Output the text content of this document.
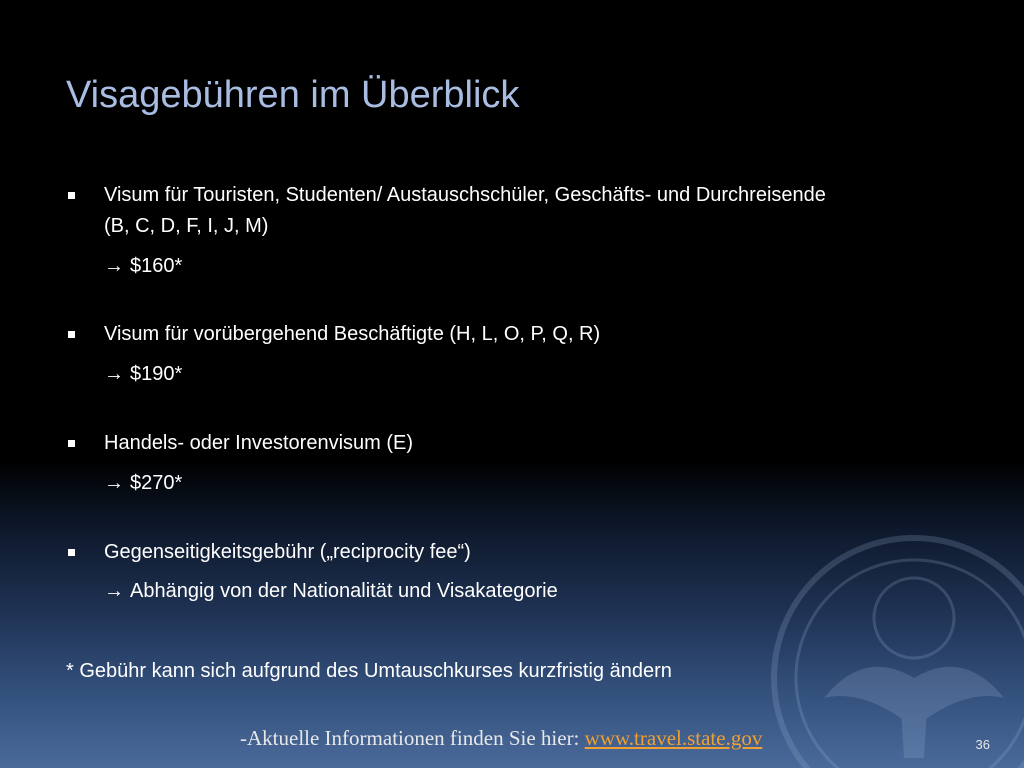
Visagebühren im Überblick
Visum für Touristen, Studenten/ Austauschschüler, Geschäfts- und Durchreisende (B, C, D, F, I, J, M)
→ $160*
Visum für vorübergehend Beschäftigte (H, L, O, P, Q, R)
→ $190*
Handels- oder Investorenvisum (E)
→ $270*
Gegenseitigkeitsgebühr („reciprocity fee“)
→ Abhängig von der Nationalität und Visakategorie
* Gebühr kann sich aufgrund des Umtauschkurses kurzfristig ändern
-Aktuelle Informationen finden Sie hier: www.travel.state.gov	36
